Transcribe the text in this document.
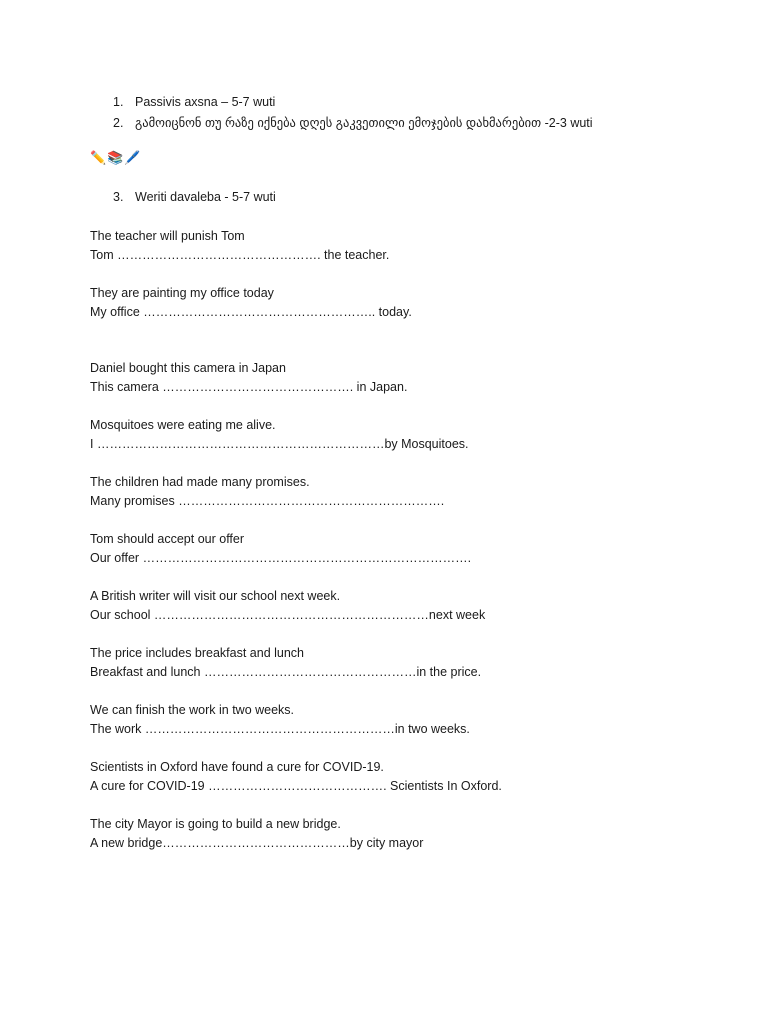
1. Passivis axsna – 5-7 wuti

2. გამოიცნონ თუ რაზე იქნება დღეს გაკვეთილი ემოჯების დახმარებით -2-3 wuti

✏️📚🖊️

3. Weriti davaleba - 5-7 wuti

The teacher will punish Tom
Tom …………………………………………. the teacher.
They are painting my office today
My office ……………………………………………….. today.
Daniel bought this camera in Japan
This camera ………………………………………. in Japan.
Mosquitoes were eating me alive.
I ……………………………………………………………by Mosquitoes.
The children had made many promises.
Many promises ……………………………………………………….
Tom should accept our offer
Our offer …………………………………………………………………….
A British writer will visit our school next week.
Our school …………………………………………………………next week
The price includes breakfast and lunch
Breakfast and lunch ……………………………………………in the price.
We can finish the work in two weeks.
The work ……………………………………………………in two weeks.
Scientists in Oxford have found a cure for COVID-19.
A cure for COVID-19 ……………………………………. Scientists In Oxford.
The city Mayor is going to build a new bridge.
A new bridge………………………………………by city mayor
